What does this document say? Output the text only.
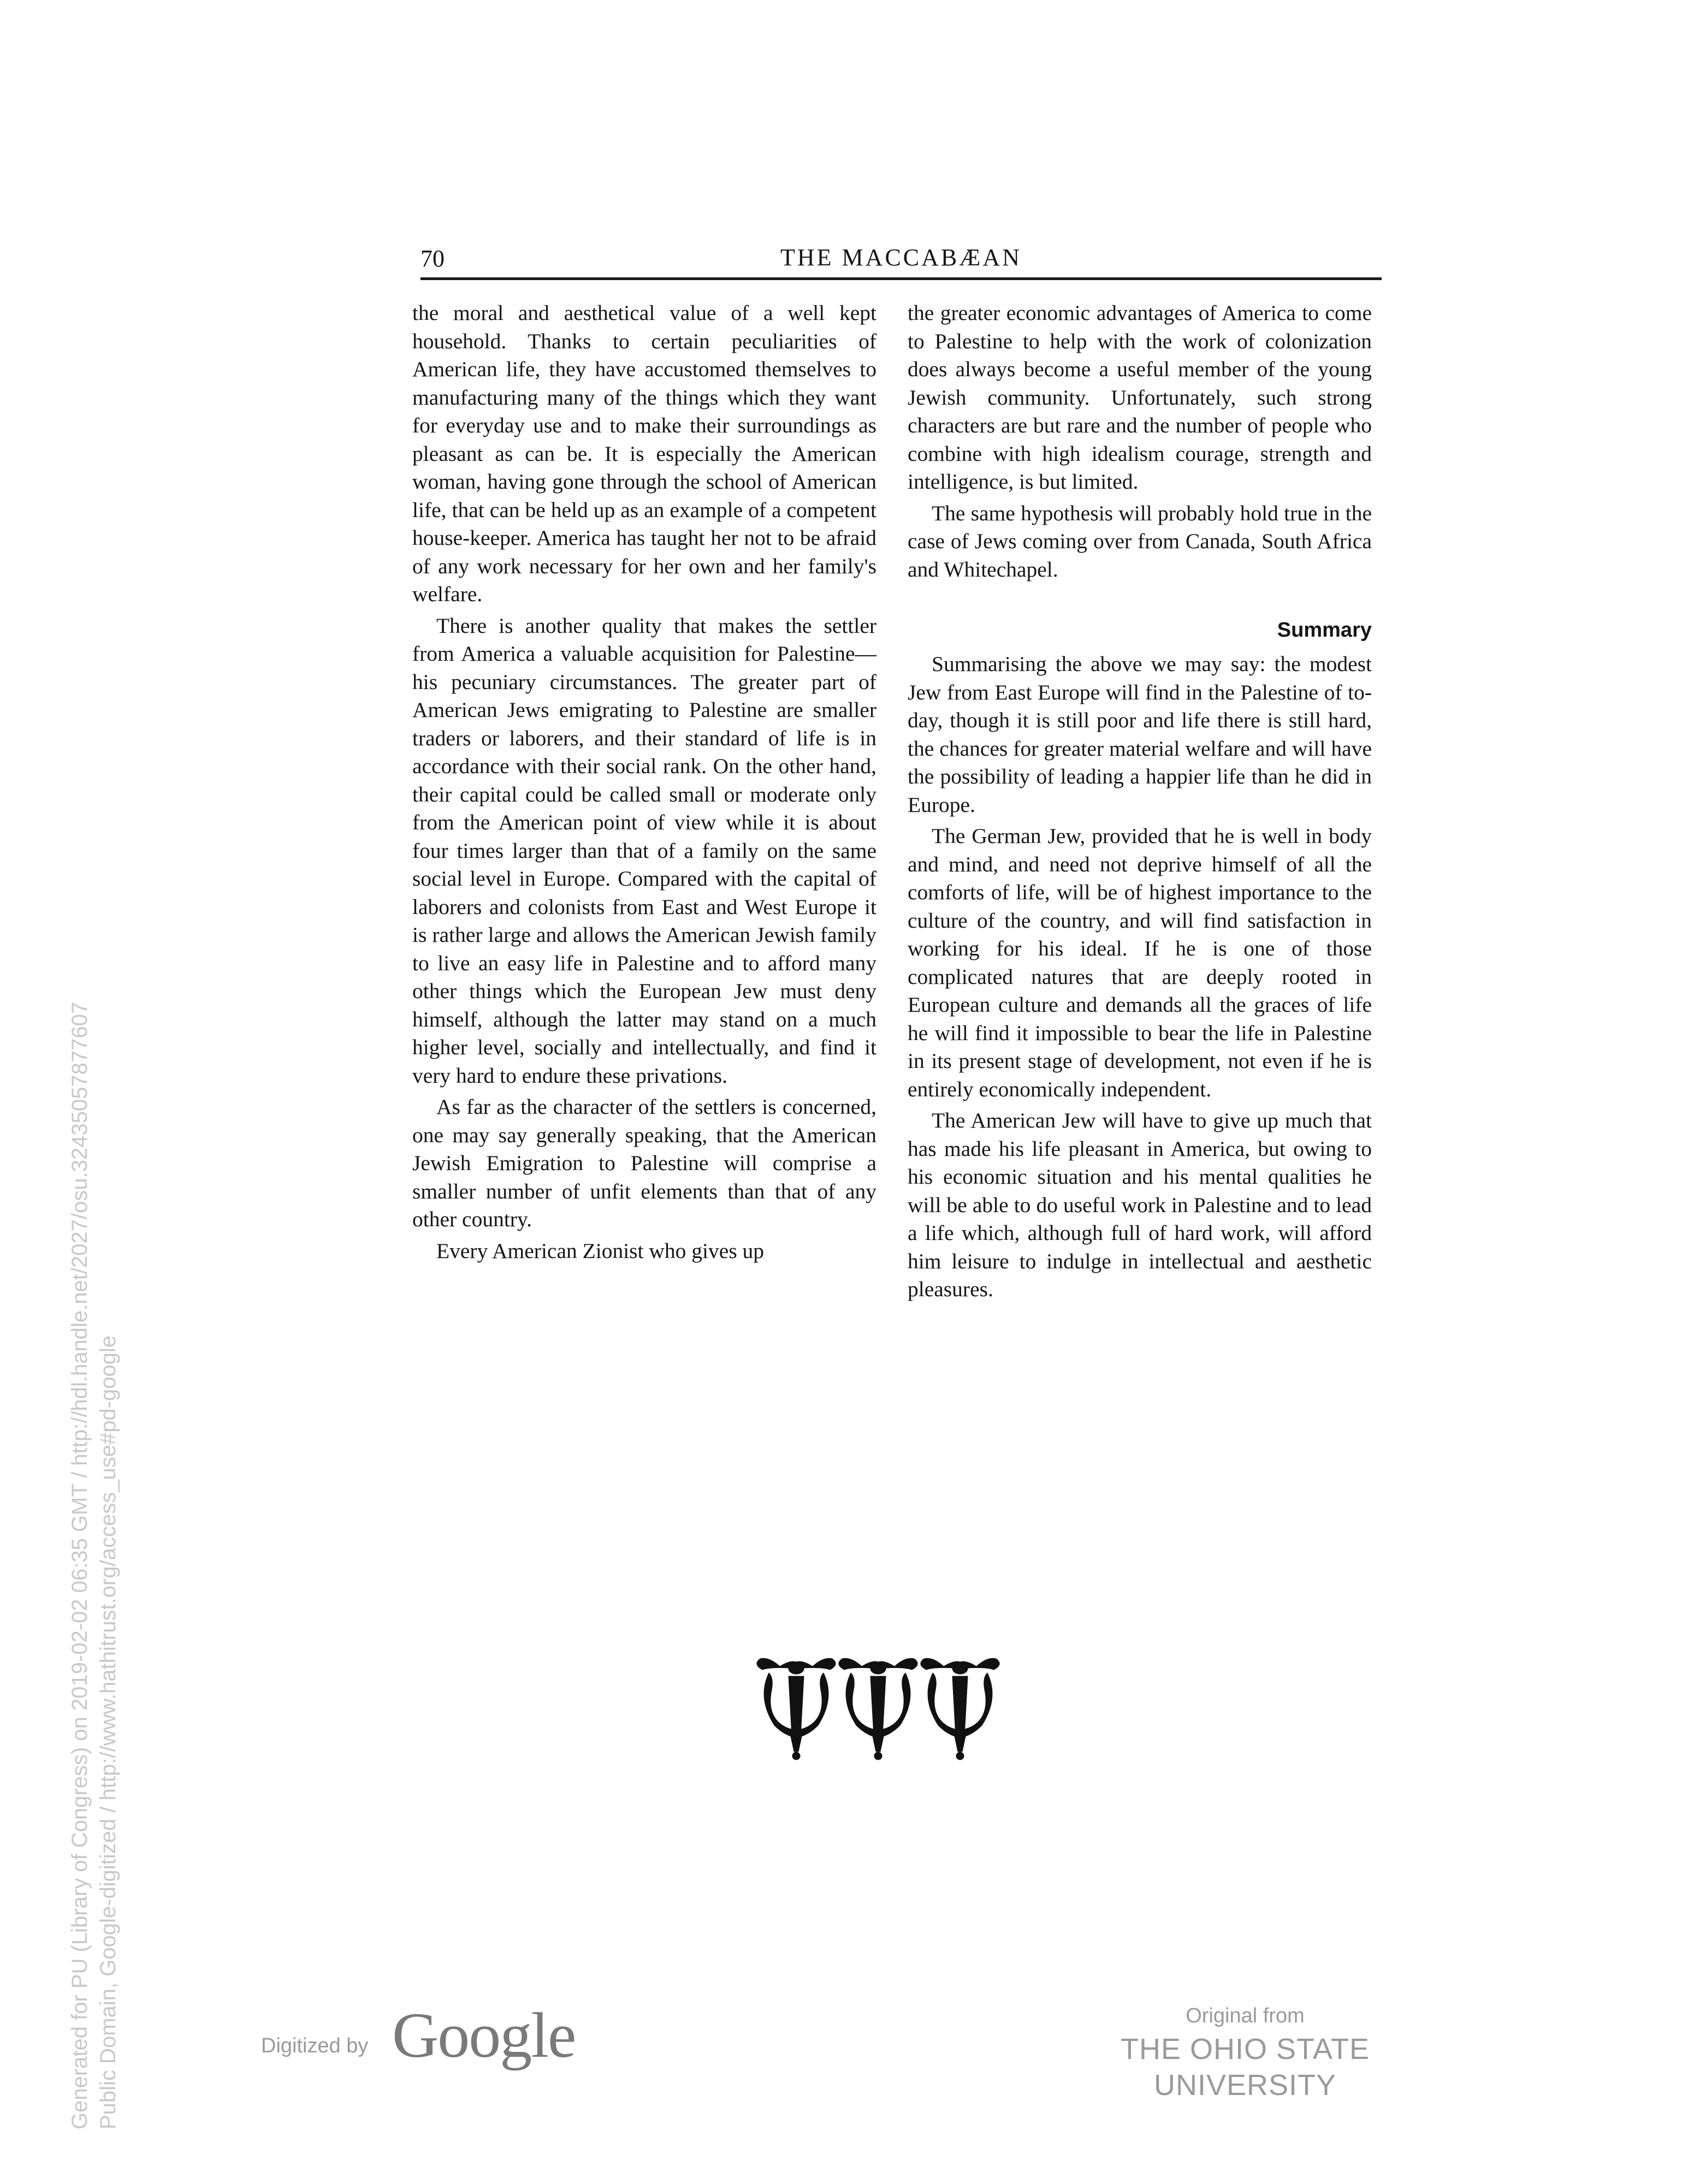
70	THE MACCABÆAN

the moral and aesthetical value of a well kept household. Thanks to certain peculiarities of American life, they have accustomed themselves to manufacturing many of the things which they want for everyday use and to make their surroundings as pleasant as can be. It is especially the American woman, having gone through the school of American life, that can be held up as an example of a competent house-keeper. America has taught her not to be afraid of any work necessary for her own and her family's welfare.

There is another quality that makes the settler from America a valuable acquisition for Palestine—his pecuniary circumstances. The greater part of American Jews emigrating to Palestine are smaller traders or laborers, and their standard of life is in accordance with their social rank. On the other hand, their capital could be called small or moderate only from the American point of view while it is about four times larger than that of a family on the same social level in Europe. Compared with the capital of laborers and colonists from East and West Europe it is rather large and allows the American Jewish family to live an easy life in Palestine and to afford many other things which the European Jew must deny himself, although the latter may stand on a much higher level, socially and intellectually, and find it very hard to endure these privations.

As far as the character of the settlers is concerned, one may say generally speaking, that the American Jewish Emigration to Palestine will comprise a smaller number of unfit elements than that of any other country.

Every American Zionist who gives up

the greater economic advantages of America to come to Palestine to help with the work of colonization does always become a useful member of the young Jewish community. Unfortunately, such strong characters are but rare and the number of people who combine with high idealism courage, strength and intelligence, is but limited.

The same hypothesis will probably hold true in the case of Jews coming over from Canada, South Africa and Whitechapel.

Summary

Summarising the above we may say: the modest Jew from East Europe will find in the Palestine of to-day, though it is still poor and life there is still hard, the chances for greater material welfare and will have the possibility of leading a happier life than he did in Europe.

The German Jew, provided that he is well in body and mind, and need not deprive himself of all the comforts of life, will be of highest importance to the culture of the country, and will find satisfaction in working for his ideal. If he is one of those complicated natures that are deeply rooted in European culture and demands all the graces of life he will find it impossible to bear the life in Palestine in its present stage of development, not even if he is entirely economically independent.

The American Jew will have to give up much that has made his life pleasant in America, but owing to his economic situation and his mental qualities he will be able to do useful work in Palestine and to lead a life which, although full of hard work, will afford him leisure to indulge in intellectual and aesthetic pleasures.

Generated for PU (Library of Congress) on 2019-02-02 06:35 GMT / http://hdl.handle.net/2027/osu.32435057877607 Public Domain, Google-digitized / http://www.hathitrust.org/access_use#pd-google	Digitized by Google	Original from
THE OHIO STATE UNIVERSITY
